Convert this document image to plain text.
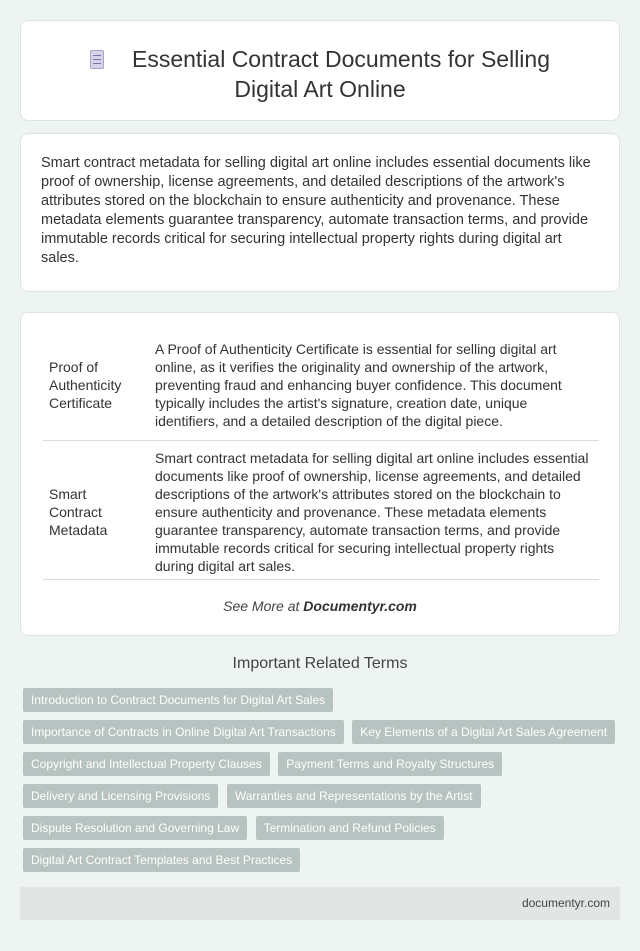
Essential Contract Documents for Selling
Digital Art Online

Smart contract metadata for selling digital art online includes essential documents like proof of ownership, license agreements, and detailed descriptions of the artwork's attributes stored on the blockchain to ensure authenticity and provenance. These metadata elements guarantee transparency, automate transaction terms, and provide immutable records critical for securing intellectual property rights during digital art sales.

Proof of Authenticity Certificate	A Proof of Authenticity Certificate is essential for selling digital art online, as it verifies the originality and ownership of the artwork, preventing fraud and enhancing buyer confidence. This document typically includes the artist's signature, creation date, unique identifiers, and a detailed description of the digital piece.
Smart Contract Metadata	Smart contract metadata for selling digital art online includes essential documents like proof of ownership, license agreements, and detailed descriptions of the artwork's attributes stored on the blockchain to ensure authenticity and provenance. These metadata elements guarantee transparency, automate transaction terms, and provide immutable records critical for securing intellectual property rights during digital art sales.
See More at Documentyr.com
Important Related Terms
Introduction to Contract Documents for Digital Art Sales
Importance of Contracts in Online Digital Art Transactions Key Elements of a Digital Art Sales Agreement
Copyright and Intellectual Property Clauses Payment Terms and Royalty Structures
Delivery and Licensing Provisions Warranties and Representations by the Artist
Dispute Resolution and Governing Law Termination and Refund Policies
Digital Art Contract Templates and Best Practices
documentyr.com
